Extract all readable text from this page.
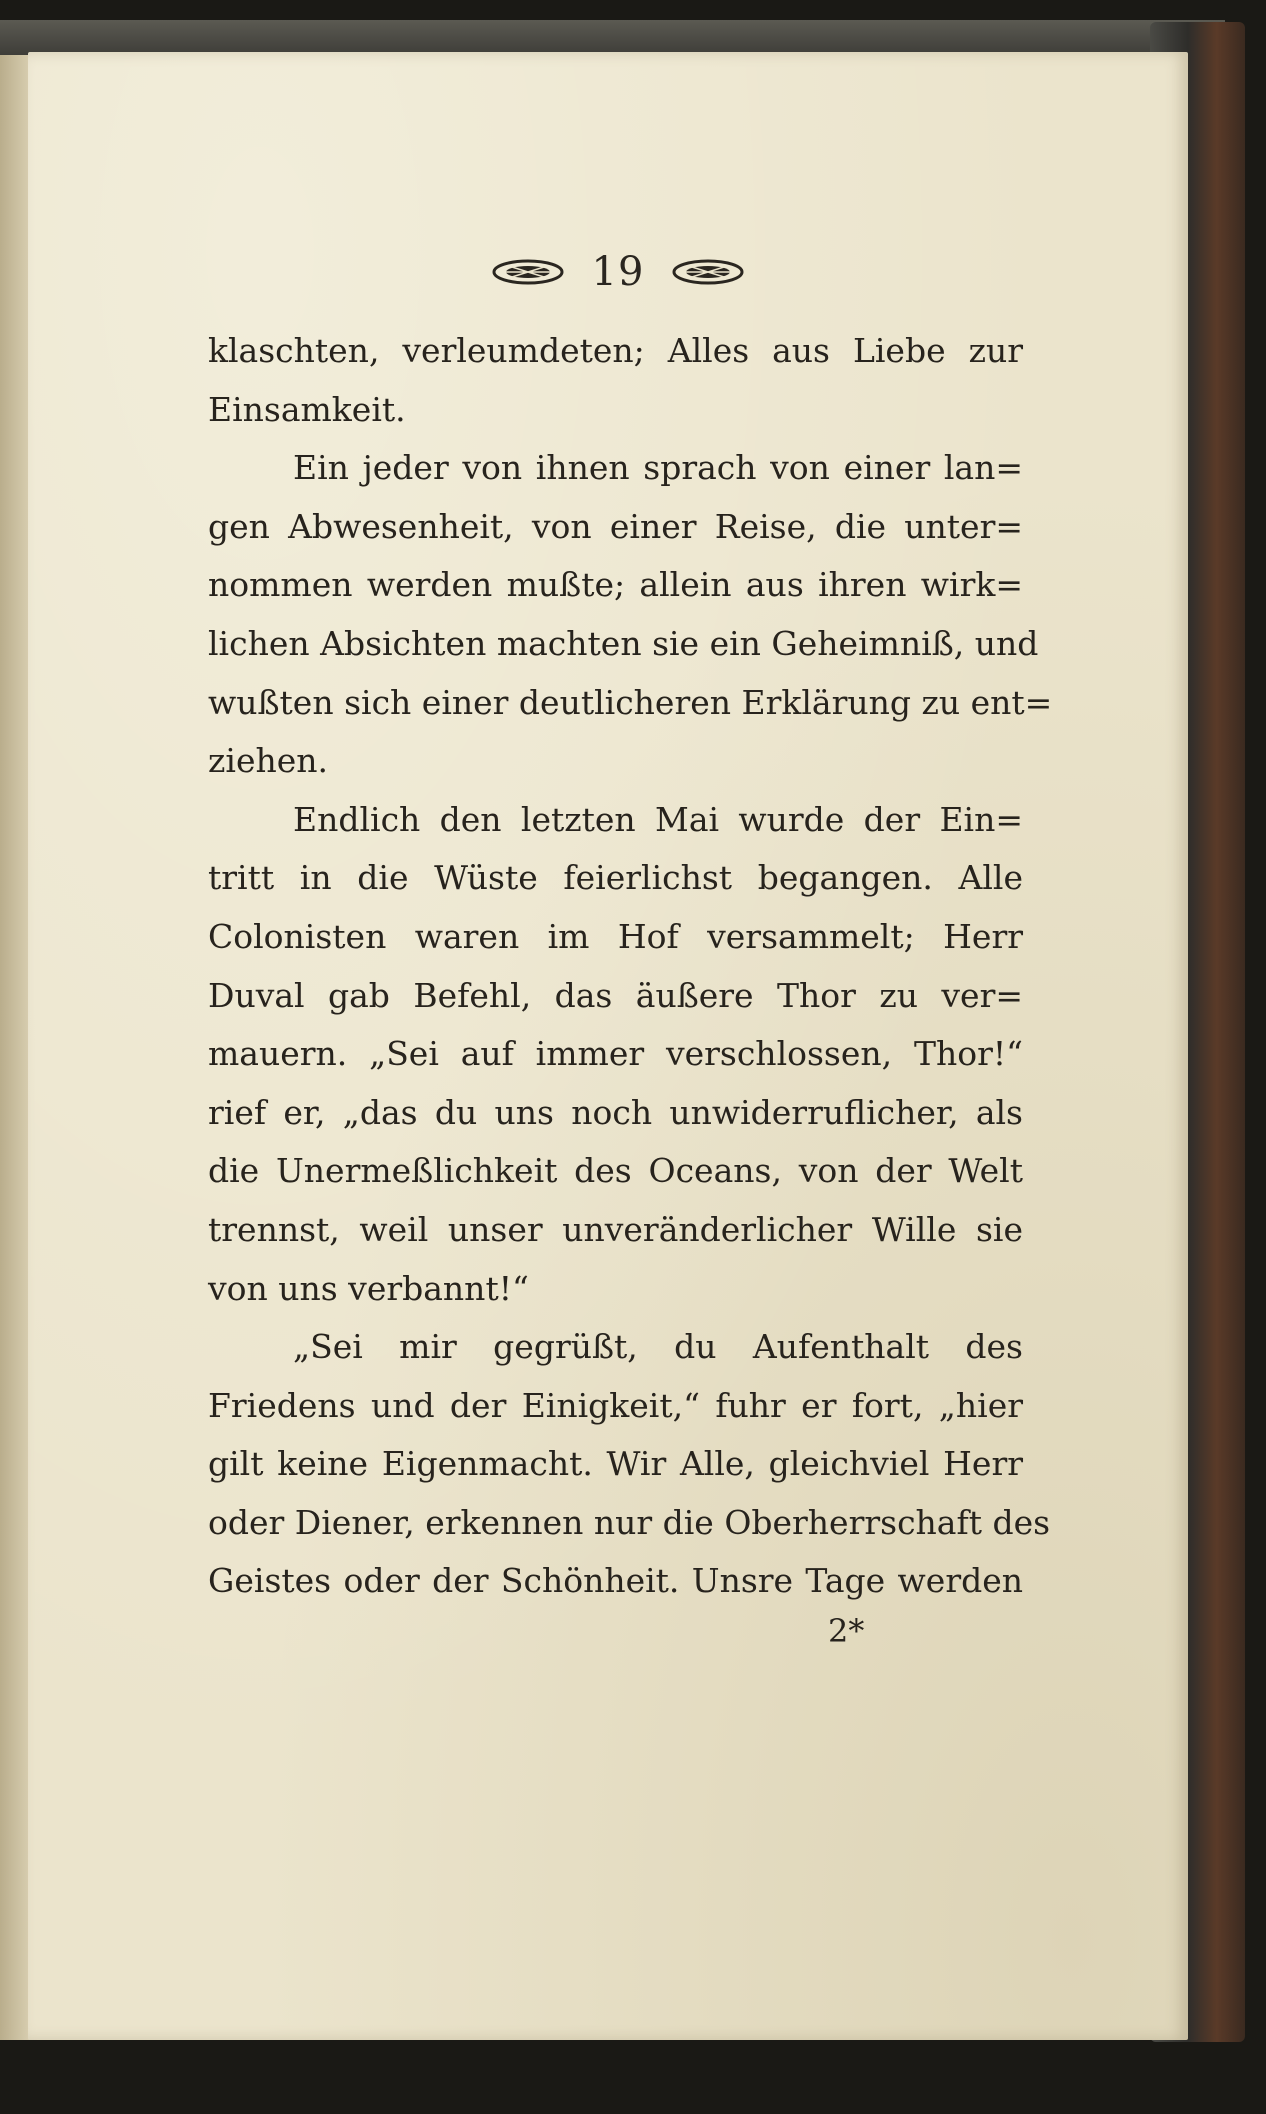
19
klaschten, verleumdeten; Alles aus Liebe zur
Einsamkeit.
Ein jeder von ihnen sprach von einer lan=
gen Abwesenheit, von einer Reise, die unter=
nommen werden mußte; allein aus ihren wirk=
lichen Absichten machten sie ein Geheimniß, und
wußten sich einer deutlicheren Erklärung zu ent=
ziehen.
Endlich den letzten Mai wurde der Ein=
tritt in die Wüste feierlichst begangen. Alle
Colonisten waren im Hof versammelt; Herr
Duval gab Befehl, das äußere Thor zu ver=
mauern. „Sei auf immer verschlossen, Thor!“
rief er, „das du uns noch unwiderruflicher, als
die Unermeßlichkeit des Oceans, von der Welt
trennst, weil unser unveränderlicher Wille sie
von uns verbannt!“
„Sei mir gegrüßt, du Aufenthalt des
Friedens und der Einigkeit,“ fuhr er fort, „hier
gilt keine Eigenmacht. Wir Alle, gleichviel Herr
oder Diener, erkennen nur die Oberherrschaft des
Geistes oder der Schönheit. Unsre Tage werden
2*
